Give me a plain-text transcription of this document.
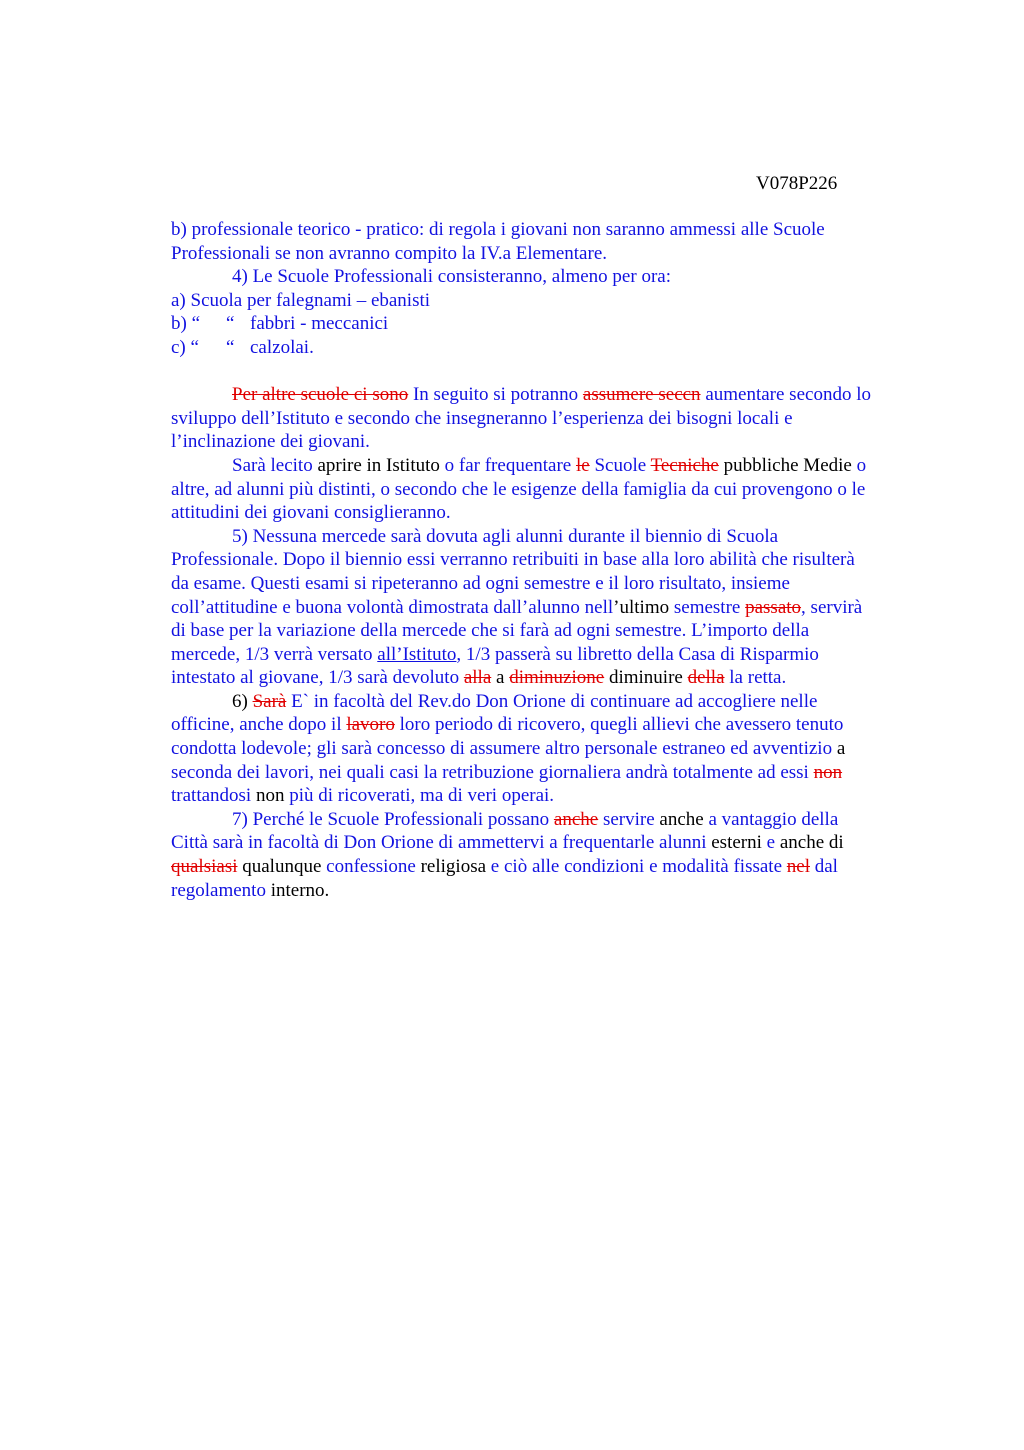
V078P226
b) professionale teorico - pratico: di regola i giovani non saranno ammessi alle Scuole
Professionali se non avranno compito la IV.a Elementare.
4) Le Scuole Professionali consisteranno, almeno per ora:
a) Scuola per falegnami – ebanisti
b) “ “ fabbri - meccanici
c) “ “ calzolai.
Per altre scuole ci sono In seguito si potranno assumere seccn aumentare secondo lo
sviluppo dell’Istituto e secondo che insegneranno l’esperienza dei bisogni locali e
l’inclinazione dei giovani.
Sarà lecito aprire in Istituto o far frequentare le Scuole Tecniche pubbliche Medie o
altre, ad alunni più distinti, o secondo che le esigenze della famiglia da cui provengono o le
attitudini dei giovani consiglieranno.
5) Nessuna mercede sarà dovuta agli alunni durante il biennio di Scuola
Professionale. Dopo il biennio essi verranno retribuiti in base alla loro abilità che risulterà
da esame. Questi esami si ripeteranno ad ogni semestre e il loro risultato, insieme
coll’attitudine e buona volontà dimostrata dall’alunno nell’ultimo semestre passato, servirà
di base per la variazione della mercede che si farà ad ogni semestre. L’importo della
mercede, 1/3 verrà versato all’Istituto, 1/3 passerà su libretto della Casa di Risparmio
intestato al giovane, 1/3 sarà devoluto alla a diminuzione diminuire della la retta.
6) Sarà E` in facoltà del Rev.do Don Orione di continuare ad accogliere nelle
officine, anche dopo il lavoro loro periodo di ricovero, quegli allievi che avessero tenuto
condotta lodevole; gli sarà concesso di assumere altro personale estraneo ed avventizio a
seconda dei lavori, nei quali casi la retribuzione giornaliera andrà totalmente ad essi non
trattandosi non più di ricoverati, ma di veri operai.
7) Perché le Scuole Professionali possano anche servire anche a vantaggio della
Città sarà in facoltà di Don Orione di ammettervi a frequentarle alunni esterni e anche di
qualsiasi qualunque confessione religiosa e ciò alle condizioni e modalità fissate nel dal
regolamento interno.
